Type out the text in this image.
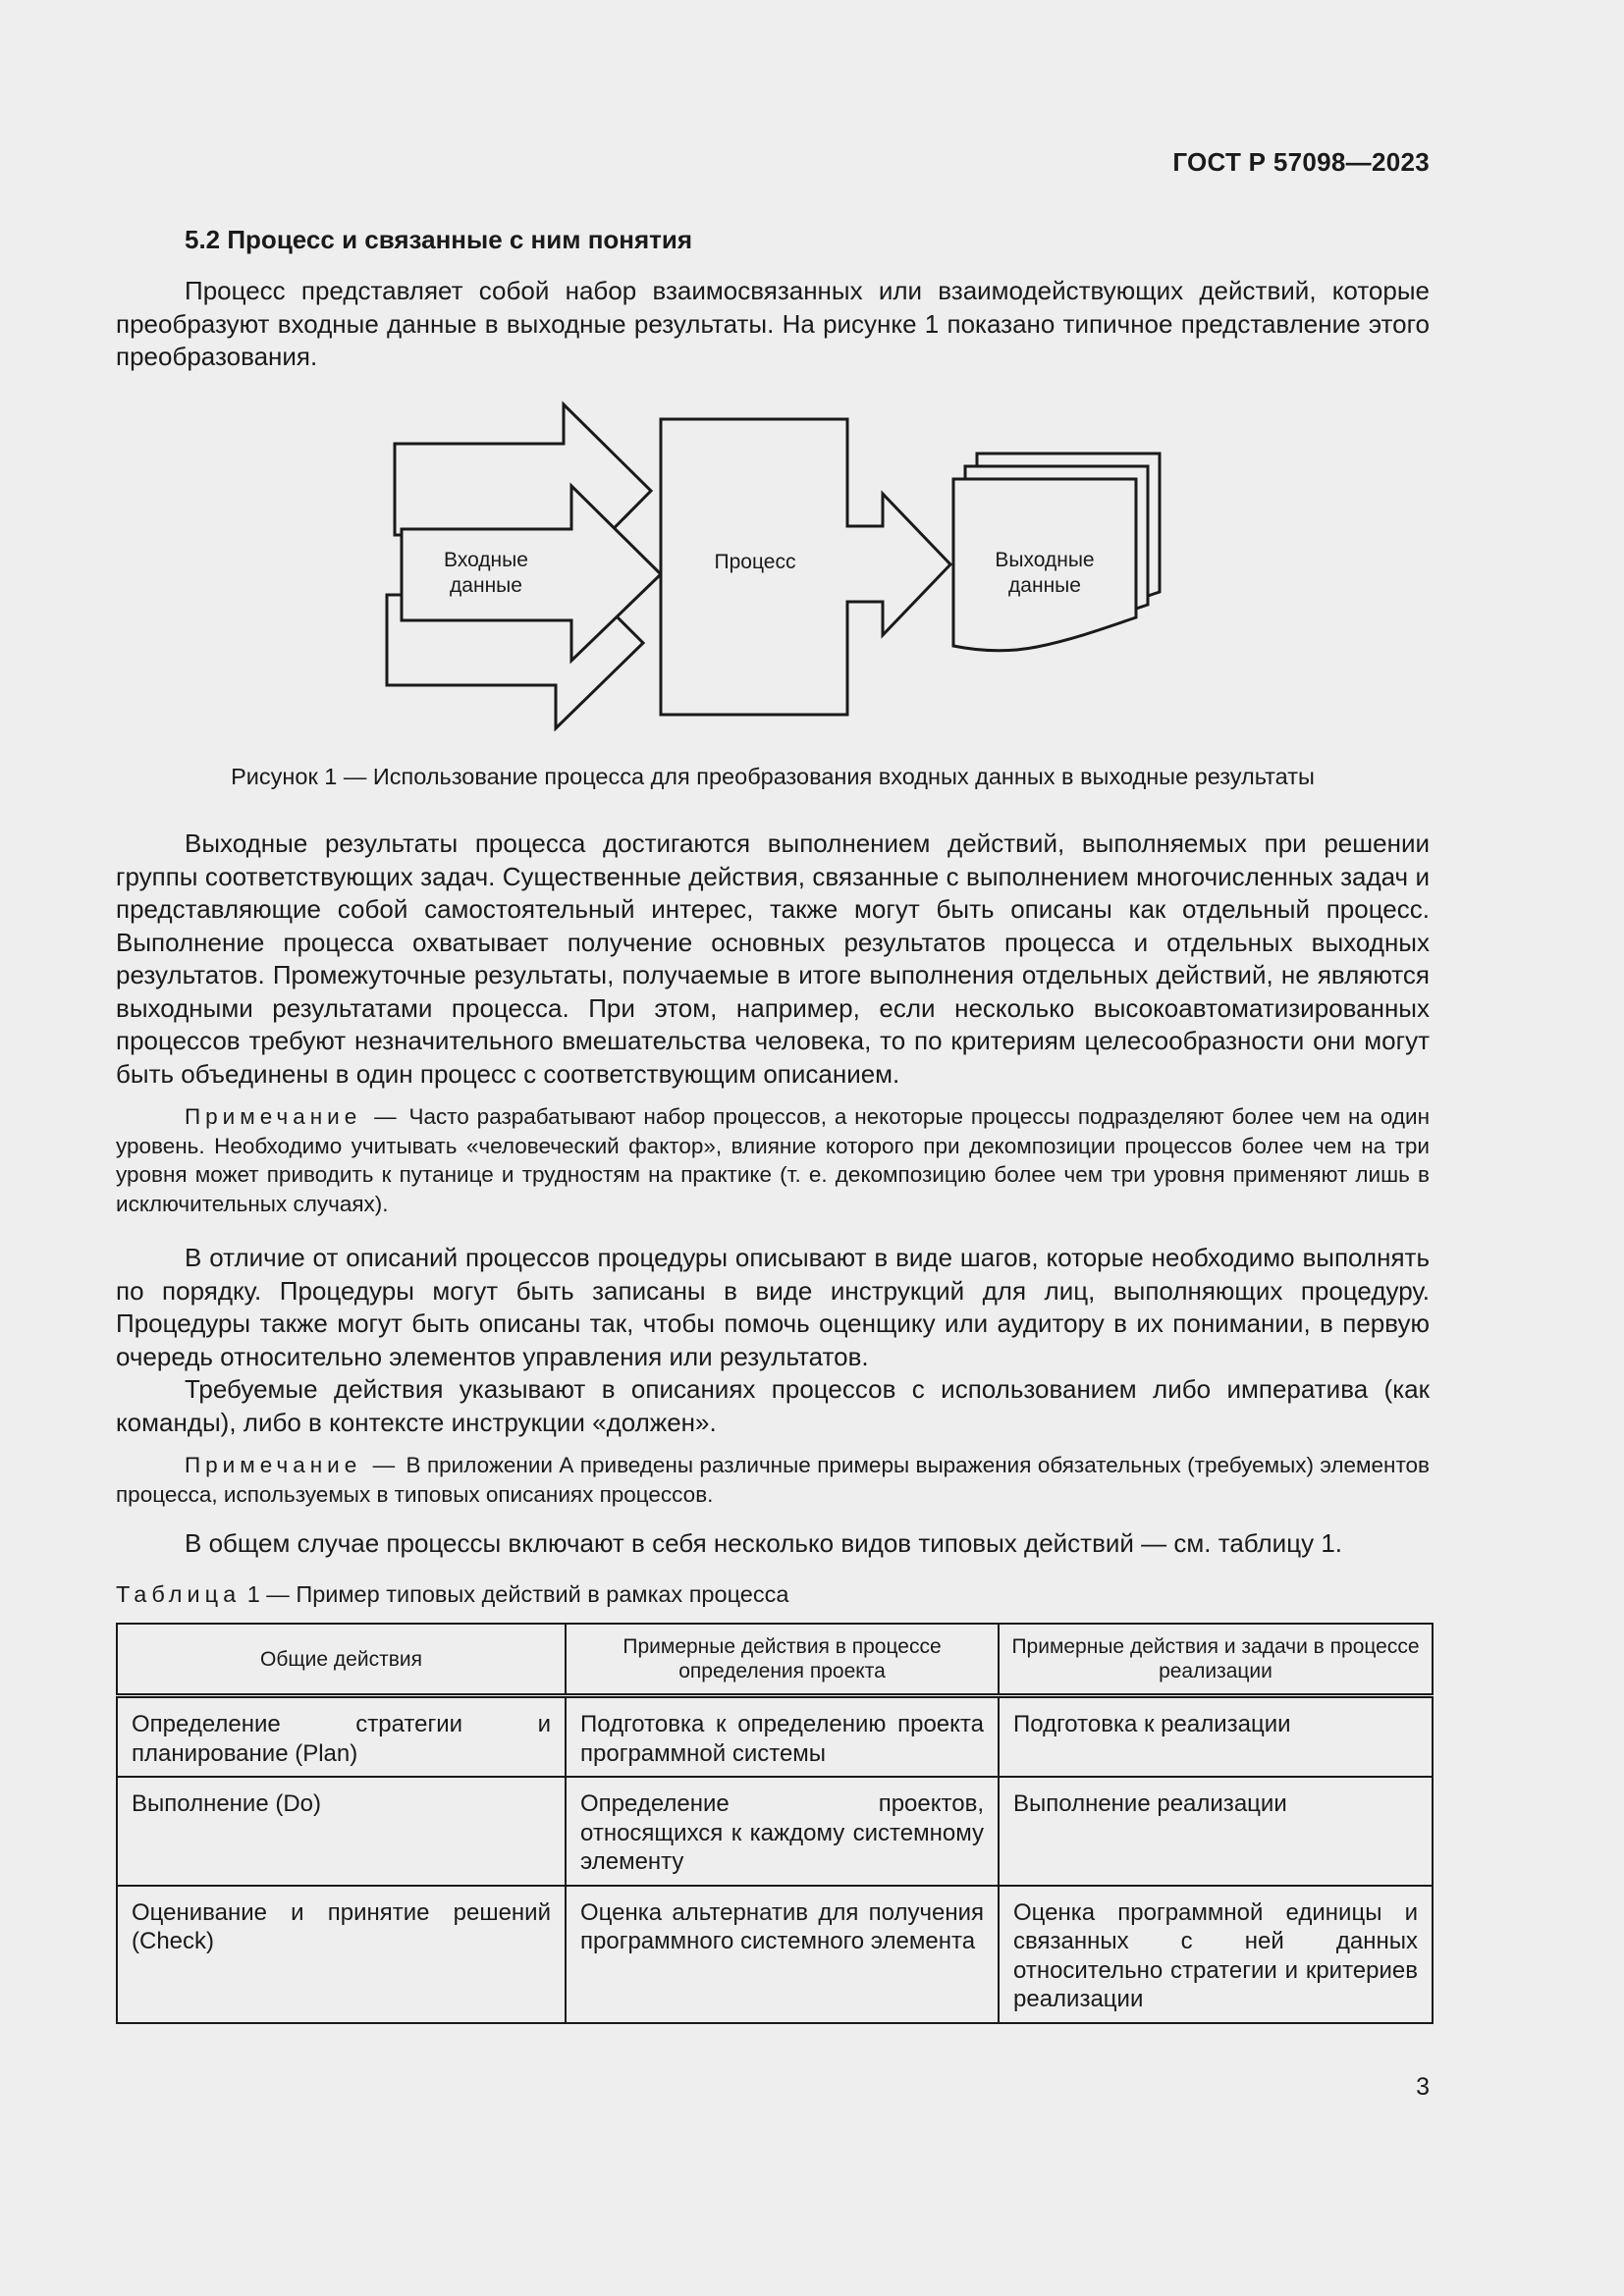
ГОСТ Р 57098—2023
5.2 Процесс и связанные с ним понятия

Процесс представляет собой набор взаимосвязанных или взаимодействующих действий, которые преобразуют входные данные в выходные результаты. На рисунке 1 показано типичное представление этого преобразования.

Входные
данные
Процесс	Выходные
данные
Рисунок 1 — Использование процесса для преобразования входных данных в выходные результаты

Выходные результаты процесса достигаются выполнением действий, выполняемых при решении группы соответствующих задач. Существенные действия, связанные с выполнением многочисленных задач и представляющие собой самостоятельный интерес, также могут быть описаны как отдельный процесс. Выполнение процесса охватывает получение основных результатов процесса и отдельных выходных результатов. Промежуточные результаты, получаемые в итоге выполнения отдельных действий, не являются выходными результатами процесса. При этом, например, если несколько высокоавтоматизированных процессов требуют незначительного вмешательства человека, то по критериям целесообразности они могут быть объединены в один процесс с соответствующим описанием.

Примечание — Часто разрабатывают набор процессов, а некоторые процессы подразделяют более чем на один уровень. Необходимо учитывать «человеческий фактор», влияние которого при декомпозиции процессов более чем на три уровня может приводить к путанице и трудностям на практике (т. е. декомпозицию более чем три уровня применяют лишь в исключительных случаях).

В отличие от описаний процессов процедуры описывают в виде шагов, которые необходимо выполнять по порядку. Процедуры могут быть записаны в виде инструкций для лиц, выполняющих процедуру. Процедуры также могут быть описаны так, чтобы помочь оценщику или аудитору в их понимании, в первую очередь относительно элементов управления или результатов.

Требуемые действия указывают в описаниях процессов с использованием либо императива (как команды), либо в контексте инструкции «должен».

Примечание — В приложении А приведены различные примеры выражения обязательных (требуемых) элементов процесса, используемых в типовых описаниях процессов.

В общем случае процессы включают в себя несколько видов типовых действий — см. таблицу 1.

Таблица 1 — Пример типовых действий в рамках процесса
Общие действия	Примерные действия в процессе определения проекта	Примерные действия и задачи в процессе реализации
Определение стратегии и планирование (Plan)	Подготовка к определению проекта программной системы	Подготовка к реализации
Выполнение (Do)	Определение проектов, относящихся к каждому системному элементу	Выполнение реализации
Оценивание и принятие решений (Check)	Оценка альтернатив для получения программного системного элемента	Оценка программной единицы и связанных с ней данных относительно стратегии и критериев реализации
3
